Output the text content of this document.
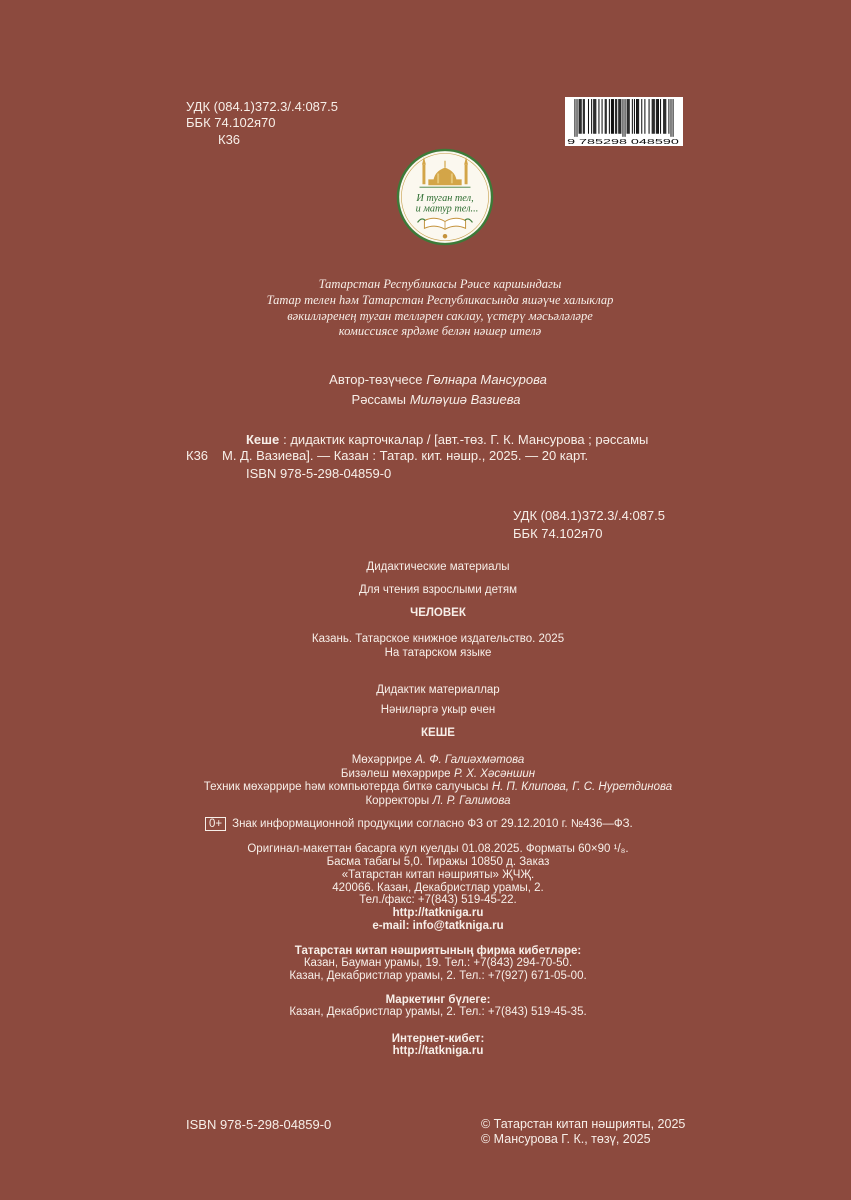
УДК (084.1)372.3/.4:087.5
ББК 74.102я70
К36	9 785298 048590
И туган тел,
и матур тел...
Татарстан Республикасы Рәисе каршындагы
Татар телен һәм Татарстан Республикасында яшәүче халыклар
вәкилләренең туган телләрен саклау, үстерү мәсьәләләре
комиссиясе ярдәме белән нәшер ителә
Автор-төзүчесе Гөлнара Мансурова
Рәссамы Миләүшә Вазиева
Кеше : дидактик карточкалар / [авт.-төз. Г. К. Мансурова ; рәссамы
К36 М. Д. Вазиева]. — Казан : Татар. кит. нәшр., 2025. — 20 карт.
ISBN 978-5-298-04859-0
УДК (084.1)372.3/.4:087.5
ББК 74.102я70
Дидактические материалы
Для чтения взрослыми детям
ЧЕЛОВЕК
Казань. Татарское книжное издательство. 2025
На татарском языке
Дидактик материаллар
Нәниләргә укыр өчен
КЕШЕ
Мөхәррире А. Ф. Галиәхмәтова
Бизәлеш мөхәррире Р. Х. Хәсәншин
Техник мөхәррире һәм компьютерда биткә салучысы Н. П. Клипова, Г. С. Нуретдинова
Корректоры Л. Р. Галимова
0+ Знак информационной продукции согласно ФЗ от 29.12.2010 г. №436—ФЗ.
Оригинал-макеттан басарга кул куелды 01.08.2025. Форматы 60×90 ¹/₈.
Басма табагы 5,0. Тиражы 10850 д. Заказ
«Татарстан китап нәшрияты» ҖЧҖ.
420066. Казан, Декабристлар урамы, 2.
Тел./факс: +7(843) 519-45-22.
http://tatkniga.ru
e-mail: info@tatkniga.ru
Татарстан китап нәшриятының фирма кибетләре:
Казан, Бауман урамы, 19. Тел.: +7(843) 294-70-50.
Казан, Декабристлар урамы, 2. Тел.: +7(927) 671-05-00.
Маркетинг бүлеге:
Казан, Декабристлар урамы, 2. Тел.: +7(843) 519-45-35.
Интернет-кибет:
http://tatkniga.ru
ISBN 978-5-298-04859-0	© Татарстан китап нәшрияты, 2025
© Мансурова Г. К., төзү, 2025
